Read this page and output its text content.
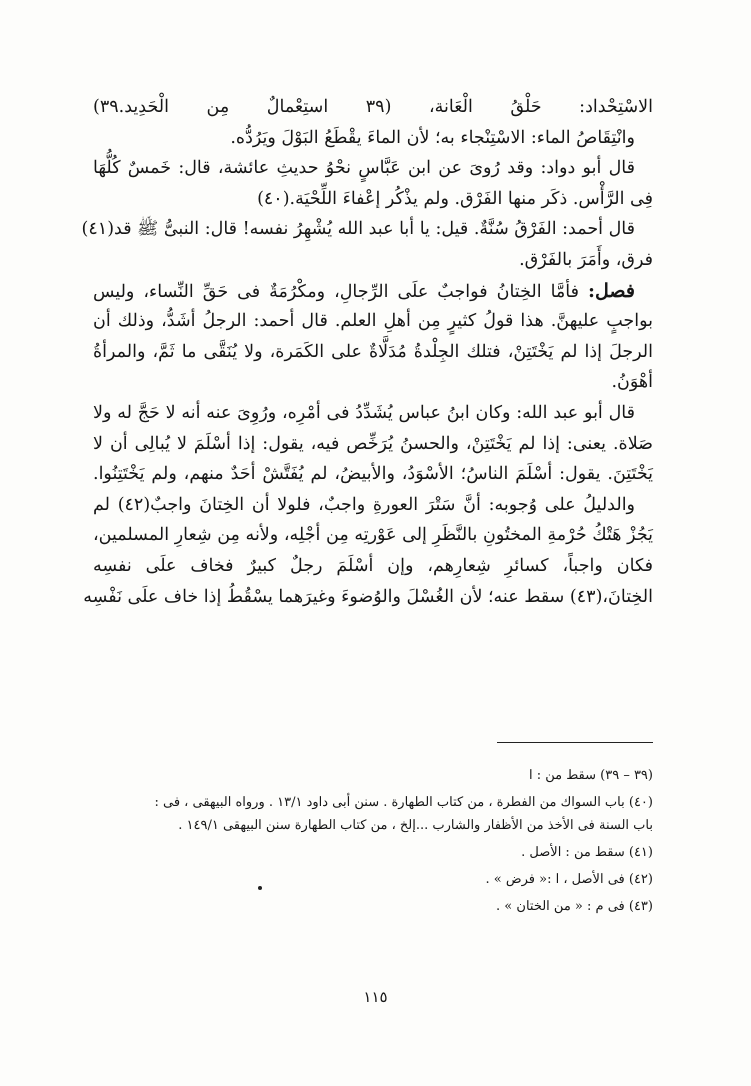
الاسْتِحْداد: حَلْقُ الْعَانة، (٣٩ استِعْمالٌ مِن الْحَدِيد.٣٩)
وانْتِقَاصُ الماء: الاسْتِنْجاء به؛ لأن الماءَ يقْطَعُ البَوْلَ ويَرُدُّه.
قال أبو دواد: وقد رُوىَ عن ابن عَبَّاسٍ نحْوُ حديثِ عائشة، قال: خَمسٌ كُلُّهَا
فِى الرَّأْس. ذكَر منها الفَرْق. ولم يذْكُر إعْفاءَ اللِّحْيَة.(٤٠)
قال أحمد: الفَرْقُ سُنَّةٌ. قيل: يا أبا عبد الله يُشْهِرُ نفسه! قال: النبىُّ ﷺ قد(٤١)
فرق، وأَمَرَ بالفَرْق.
فصل: فأمَّا الخِتانُ فواجبٌ علَى الرِّجالِ، ومكْرُمَةٌ فى حَقِّ النِّساء، وليس
بواجبٍ عليهنَّ. هذا قولُ كثيرٍ مِن أهلِ العلم. قال أحمد: الرجلُ أشَدُّ، وذلك أن
الرجلَ إذا لم يَخْتَتِنْ، فتلك الجِلْدةُ مُدَلَّاةٌ على الكَمَرة، ولا يُنَقَّى ما ثَمَّ، والمرأةُ
أهْوَنُ.
قال أبو عبد الله: وكان ابنُ عباس يُشَدِّدُ فى أمْرِه، ورُوِىَ عنه أنه لا حَجَّ له ولا
صَلاة. يعنى: إذا لم يَخْتَتِنْ، والحسنُ يُرَخِّص فيه، يقول: إذا أسْلَمَ لا يُبالِى أن لا
يَخْتَتِنَ. يقول: أسْلَمَ الناسُ؛ الأسْوَدُ، والأبيضُ، لم يُفَتَّشْ أحَدٌ منهم، ولم يَخْتَتِنُوا.
والدليلُ على وُجوبه: أنَّ سَتْرَ العورةِ واجبٌ، فلولا أن الخِتانَ واجبٌ(٤٢) لم
يَجُزْ هَتْكُ حُرْمةِ المختُونِ بالنَّظَرِ إلى عَوْرتِه مِن أجْلِه، ولأنه مِن شِعارِ المسلمين،
فكان واجباً، كسائرِ شِعارِهم، وإن أسْلَمَ رجلٌ كبيرٌ فخاف علَى نفسِه
الخِتانَ،(٤٣) سقط عنه؛ لأن الغُسْلَ والوُضوءَ وغيرَهما يسْقُطُ إذا خاف علَى نَفْسِه
(٣٩ – ٣٩) سقط من : ا
(٤٠) باب السواك من الفطرة ، من كتاب الطهارة . سنن أبى داود ١٣/١ . ورواه البيهقى ، فى :
باب السنة فى الأخذ من الأظفار والشارب ...إلخ ، من كتاب الطهارة سنن البيهقى ١٤٩/١ .
(٤١) سقط من : الأصل .
(٤٢) فى الأصل ، ا :« فرض » .
(٤٣) فى م : « من الختان » .
١١٥
